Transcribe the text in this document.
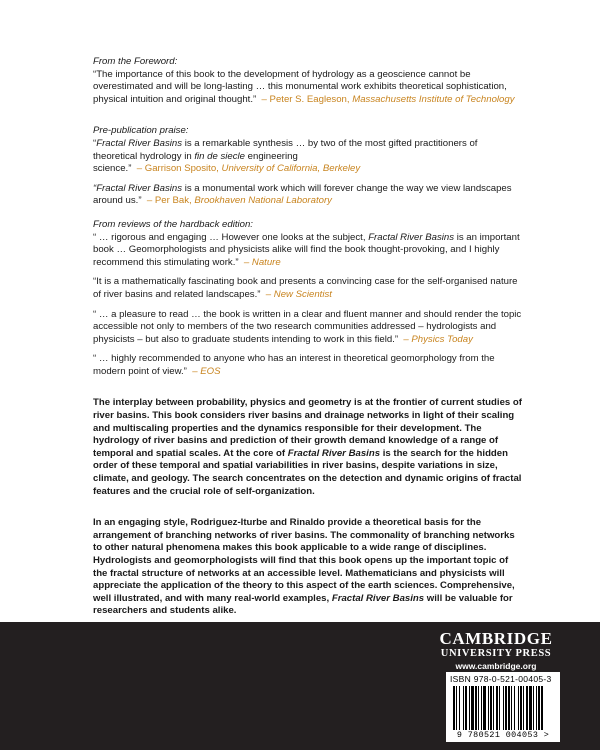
From the Foreword:

“The importance of this book to the development of hydrology as a geoscience cannot be overestimated and will be long-lasting … this monumental work exhibits theoretical sophistication, physical intuition and original thought.” – Peter S. Eagleson, Massachusetts Institute of Technology

Pre-publication praise:

“Fractal River Basins is a remarkable synthesis … by two of the most gifted practitioners of theoretical hydrology in fin de siecle engineering science.” – Garrison Sposito, University of California, Berkeley

“Fractal River Basins is a monumental work which will forever change the way we view landscapes around us.” – Per Bak, Brookhaven National Laboratory

From reviews of the hardback edition:

“ … rigorous and engaging … However one looks at the subject, Fractal River Basins is an important book … Geomorphologists and physicists alike will find the book thought-provoking, and I highly recommend this stimulating work.” – Nature

“It is a mathematically fascinating book and presents a convincing case for the self-organised nature of river basins and related landscapes.” – New Scientist

“ … a pleasure to read … the book is written in a clear and fluent manner and should render the topic accessible not only to members of the two research communities addressed – hydrologists and physicists – but also to graduate students intending to work in this field.” – Physics Today

“ … highly recommended to anyone who has an interest in theoretical geomorphology from the modern point of view.” – EOS

The interplay between probability, physics and geometry is at the frontier of current studies of river basins. This book considers river basins and drainage networks in light of their scaling and multiscaling properties and the dynamics responsible for their development. The hydrology of river basins and prediction of their growth demand knowledge of a range of temporal and spatial scales. At the core of Fractal River Basins is the search for the hidden order of these temporal and spatial variabilities in river basins, despite variations in size, climate, and geology. The search concentrates on the detection and dynamic origins of fractal features and the crucial role of self-organization.

In an engaging style, Rodriguez-Iturbe and Rinaldo provide a theoretical basis for the arrangement of branching networks of river basins. The commonality of branching networks to other natural phenomena makes this book applicable to a wide range of disciplines. Hydrologists and geomorphologists will find that this book opens up the important topic of the fractal structure of networks at an accessible level. Mathematicians and physicists will appreciate the application of the theory to this aspect of the earth sciences. Comprehensive, well illustrated, and with many real-world examples, Fractal River Basins will be valuable for researchers and students alike.

CAMBRIDGE
UNIVERSITY PRESS
www.cambridge.org
ISBN 978-0-521-00405-3
9 780521 004053 >
